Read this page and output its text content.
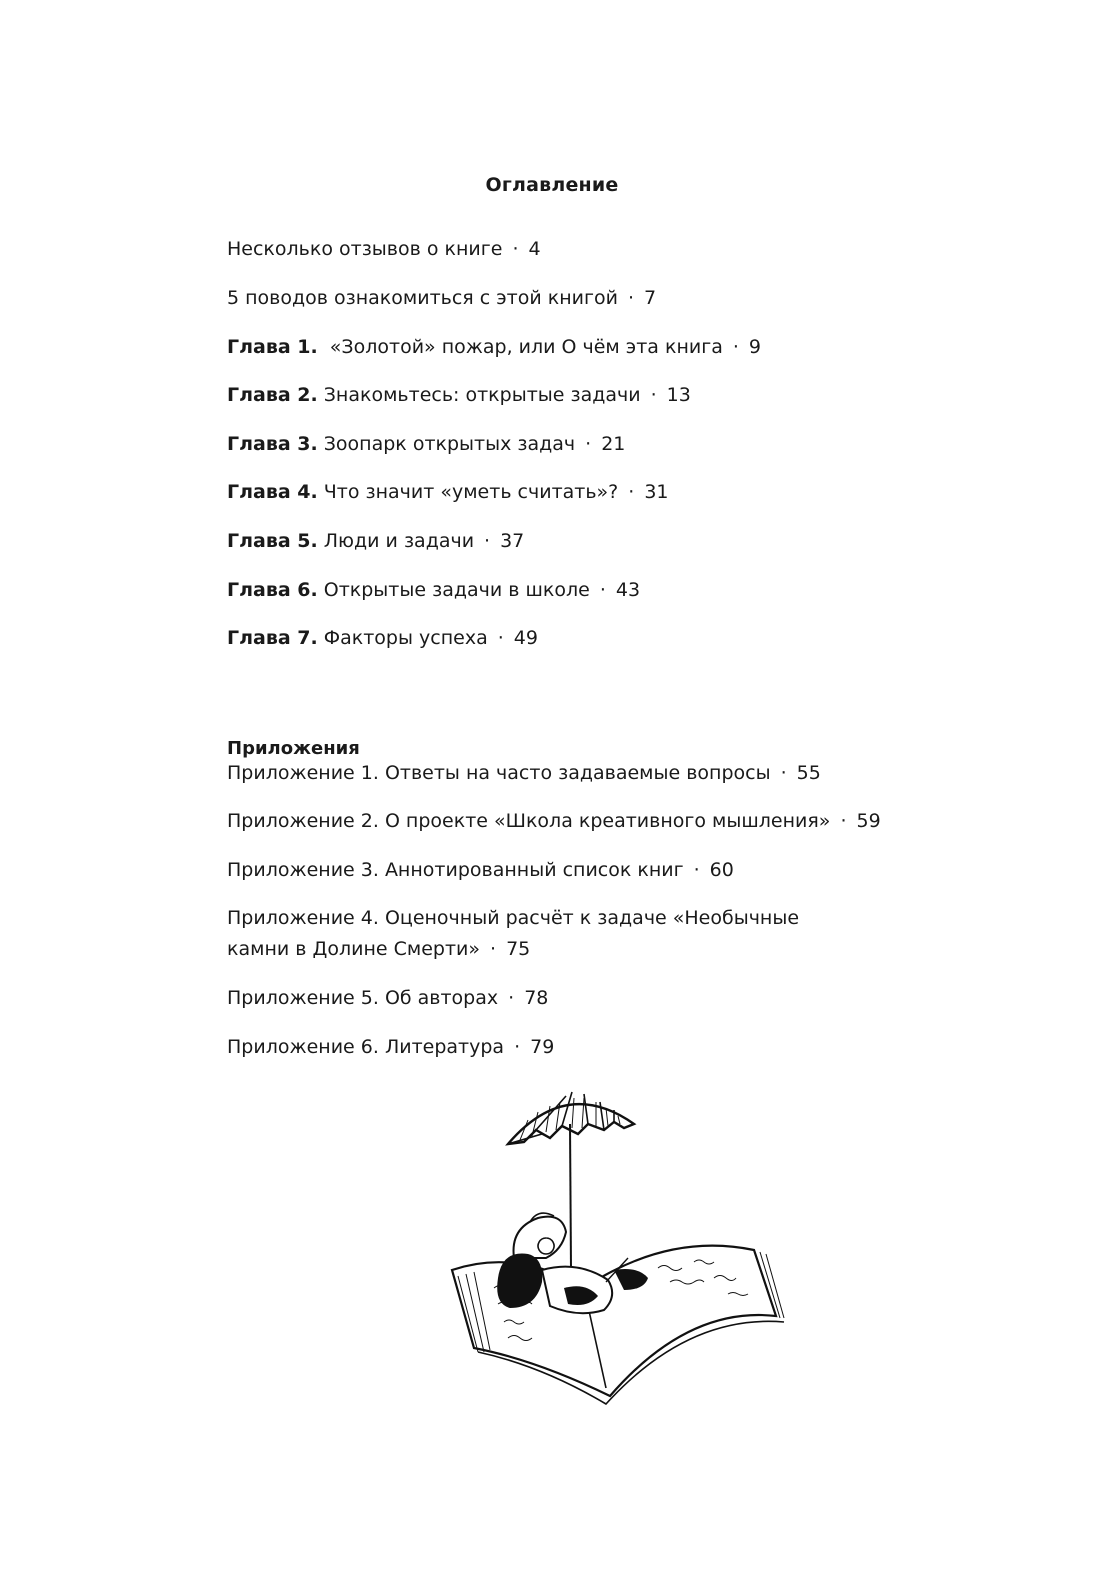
Оглавление
Несколько отзывов о книге · 4
5 поводов ознакомиться с этой книгой · 7
Глава 1. «Золотой» пожар, или О чём эта книга · 9
Глава 2. Знакомьтесь: открытые задачи · 13
Глава 3. Зоопарк открытых задач · 21
Глава 4. Что значит «уметь считать»? · 31
Глава 5. Люди и задачи · 37
Глава 6. Открытые задачи в школе · 43
Глава 7. Факторы успеха · 49
Приложения
Приложение 1. Ответы на часто задаваемые вопросы · 55
Приложение 2. О проекте «Школа креативного мышления» · 59
Приложение 3. Аннотированный список книг · 60
Приложение 4. Оценочный расчёт к задаче «Необычные камни в Долине Смерти» · 75
Приложение 5. Об авторах · 78
Приложение 6. Литература · 79
